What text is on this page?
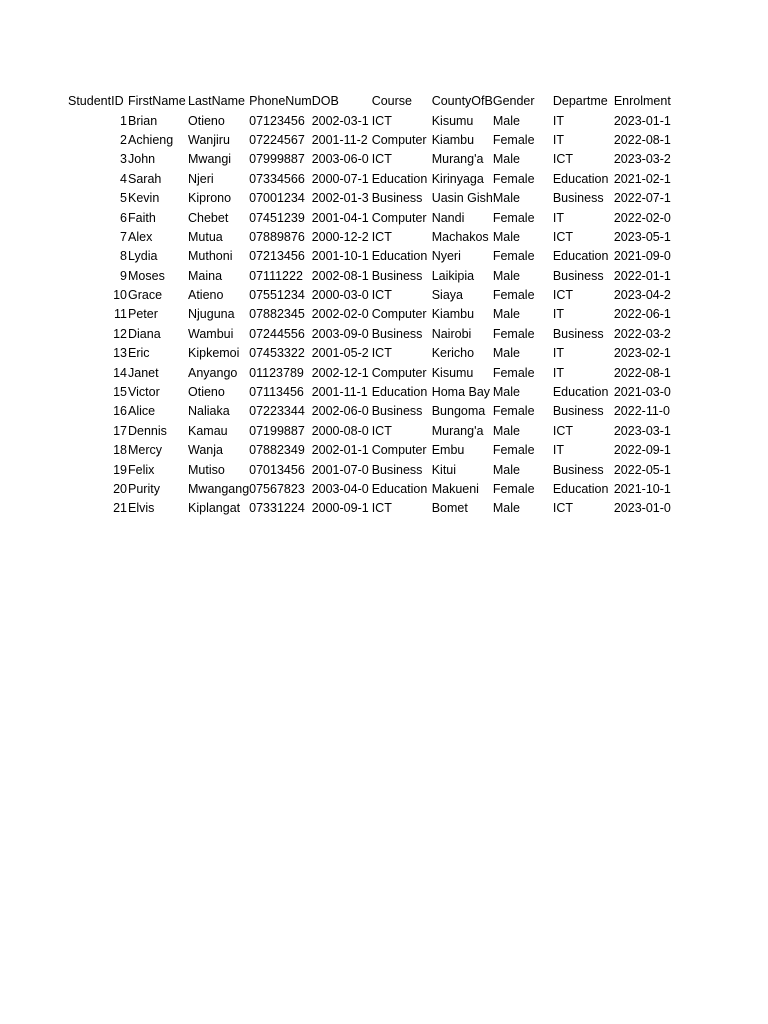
StudentID	FirstName	LastName	PhoneNum	DOB	Course	CountyOfB	Gender	Departme	Enrolment
1	Brian	Otieno	07123456	2002-03-1	ICT	Kisumu	Male	IT	2023-01-1
2	Achieng	Wanjiru	07224567	2001-11-2	Computer	Kiambu	Female	IT	2022-08-1
3	John	Mwangi	07999887	2003-06-0	ICT	Murang'a	Male	ICT	2023-03-2
4	Sarah	Njeri	07334566	2000-07-1	Education	Kirinyaga	Female	Education	2021-02-1
5	Kevin	Kiprono	07001234	2002-01-3	Business	Uasin Gish	Male	Business	2022-07-1
6	Faith	Chebet	07451239	2001-04-1	Computer	Nandi	Female	IT	2022-02-0
7	Alex	Mutua	07889876	2000-12-2	ICT	Machakos	Male	ICT	2023-05-1
8	Lydia	Muthoni	07213456	2001-10-1	Education	Nyeri	Female	Education	2021-09-0
9	Moses	Maina	07111222	2002-08-1	Business	Laikipia	Male	Business	2022-01-1
10	Grace	Atieno	07551234	2000-03-0	ICT	Siaya	Female	ICT	2023-04-2
11	Peter	Njuguna	07882345	2002-02-0	Computer	Kiambu	Male	IT	2022-06-1
12	Diana	Wambui	07244556	2003-09-0	Business	Nairobi	Female	Business	2022-03-2
13	Eric	Kipkemoi	07453322	2001-05-2	ICT	Kericho	Male	IT	2023-02-1
14	Janet	Anyango	01123789	2002-12-1	Computer	Kisumu	Female	IT	2022-08-1
15	Victor	Otieno	07113456	2001-11-1	Education	Homa Bay	Male	Education	2021-03-0
16	Alice	Naliaka	07223344	2002-06-0	Business	Bungoma	Female	Business	2022-11-0
17	Dennis	Kamau	07199887	2000-08-0	ICT	Murang'a	Male	ICT	2023-03-1
18	Mercy	Wanja	07882349	2002-01-1	Computer	Embu	Female	IT	2022-09-1
19	Felix	Mutiso	07013456	2001-07-0	Business	Kitui	Male	Business	2022-05-1
20	Purity	Mwangang	07567823	2003-04-0	Education	Makueni	Female	Education	2021-10-1
21	Elvis	Kiplangat	07331224	2000-09-1	ICT	Bomet	Male	ICT	2023-01-0
